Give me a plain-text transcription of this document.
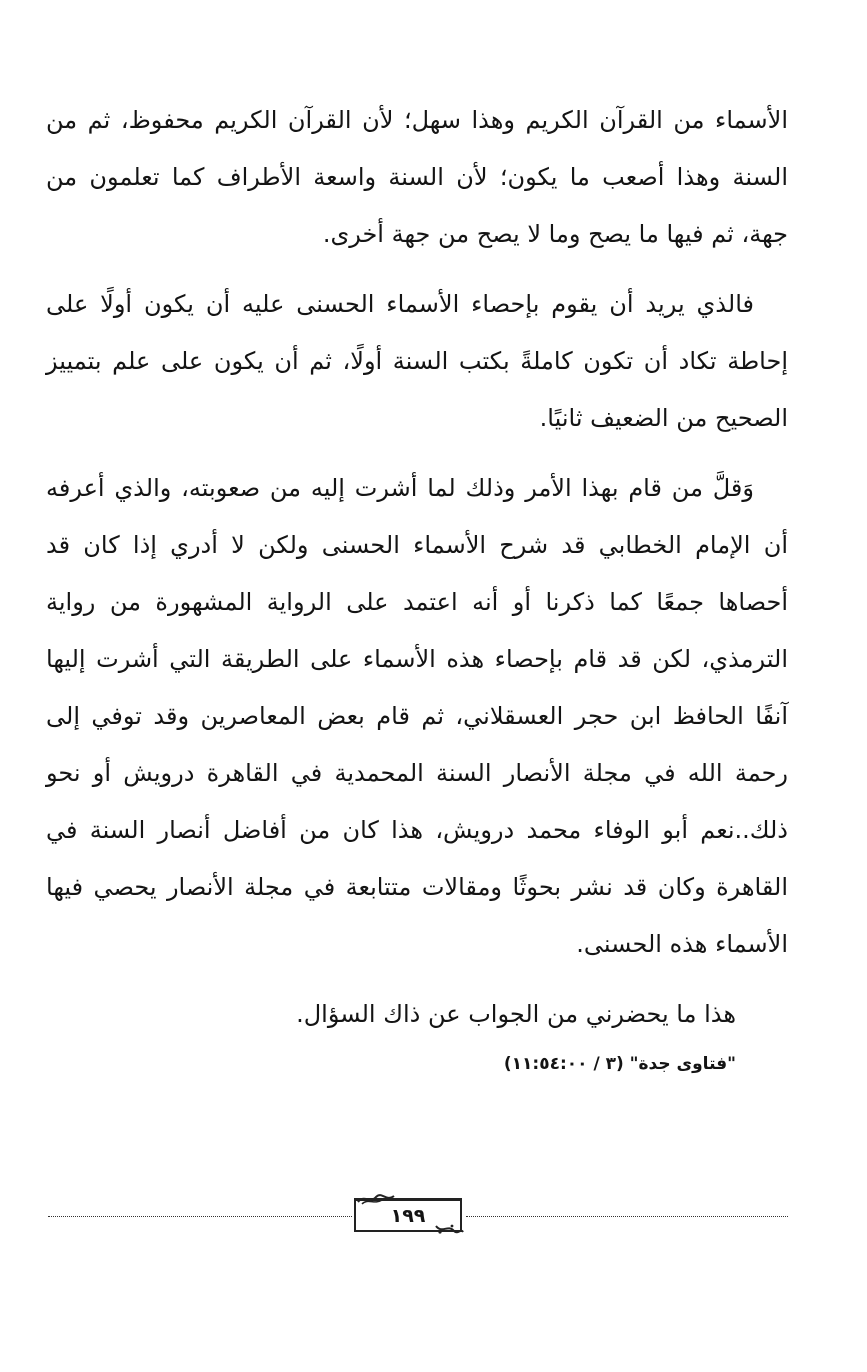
الأسماء من القرآن الكريم وهذا سهل؛ لأن القرآن الكريم محفوظ، ثم من السنة وهذا أصعب ما يكون؛ لأن السنة واسعة الأطراف كما تعلمون من جهة، ثم فيها ما يصح وما لا يصح من جهة أخرى.

فالذي يريد أن يقوم بإحصاء الأسماء الحسنى عليه أن يكون أولًا على إحاطة تكاد أن تكون كاملةً بكتب السنة أولًا، ثم أن يكون على علم بتمييز الصحيح من الضعيف ثانيًا.

وَقلَّ من قام بهذا الأمر وذلك لما أشرت إليه من صعوبته، والذي أعرفه أن الإمام الخطابي قد شرح الأسماء الحسنى ولكن لا أدري إذا كان قد أحصاها جمعًا كما ذكرنا أو أنه اعتمد على الرواية المشهورة من رواية الترمذي، لكن قد قام بإحصاء هذه الأسماء على الطريقة التي أشرت إليها آنفًا الحافظ ابن حجر العسقلاني، ثم قام بعض المعاصرين وقد توفي إلى رحمة الله في مجلة الأنصار السنة المحمدية في القاهرة درويش أو نحو ذلك..نعم أبو الوفاء محمد درويش، هذا كان من أفاضل أنصار السنة في القاهرة وكان قد نشر بحوثًا ومقالات متتابعة في مجلة الأنصار يحصي فيها الأسماء هذه الحسنى.

هذا ما يحضرني من الجواب عن ذاك السؤال.

"فتاوى جدة" (٣ / ١١:٥٤:٠٠)

١٩٩
